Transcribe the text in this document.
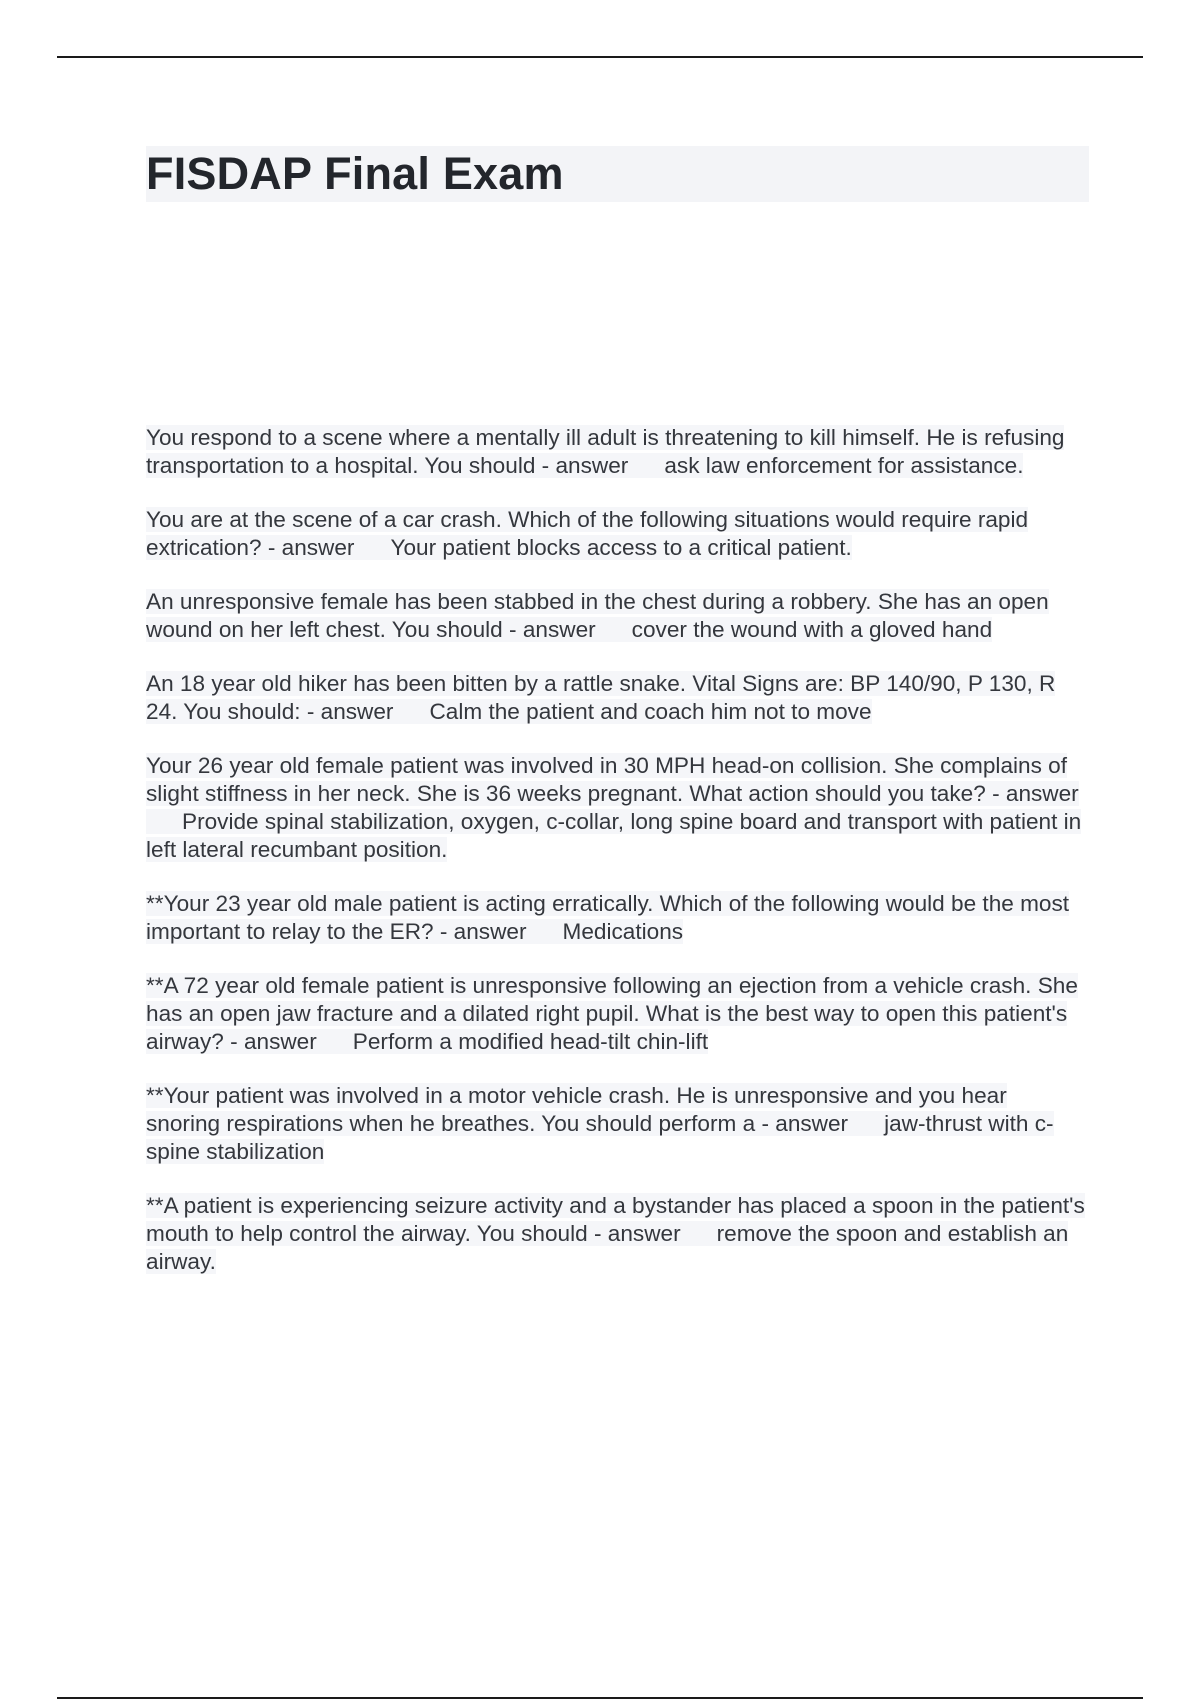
FISDAP Final Exam

You respond to a scene where a mentally ill adult is threatening to kill himself. He is refusing transportation to a hospital. You should - answer ask law enforcement for assistance.

You are at the scene of a car crash. Which of the following situations would require rapid extrication? - answer Your patient blocks access to a critical patient.

An unresponsive female has been stabbed in the chest during a robbery. She has an open wound on her left chest. You should - answer cover the wound with a gloved hand

An 18 year old hiker has been bitten by a rattle snake. Vital Signs are: BP 140/90, P 130, R 24. You should: - answer Calm the patient and coach him not to move

Your 26 year old female patient was involved in 30 MPH head-on collision. She complains of slight stiffness in her neck. She is 36 weeks pregnant. What action should you take? - answerProvide spinal stabilization, oxygen, c-collar, long spine board and transport with patient in left lateral recumbant position.

**Your 23 year old male patient is acting erratically. Which of the following would be the most important to relay to the ER? - answer Medications

**A 72 year old female patient is unresponsive following an ejection from a vehicle crash. She has an open jaw fracture and a dilated right pupil. What is the best way to open this patient's airway? - answer Perform a modified head-tilt chin-lift

**Your patient was involved in a motor vehicle crash. He is unresponsive and you hear snoring respirations when he breathes. You should perform a - answer jaw-thrust with c-spine stabilization

**A patient is experiencing seizure activity and a bystander has placed a spoon in the patient's mouth to help control the airway. You should - answer remove the spoon and establish an airway.
